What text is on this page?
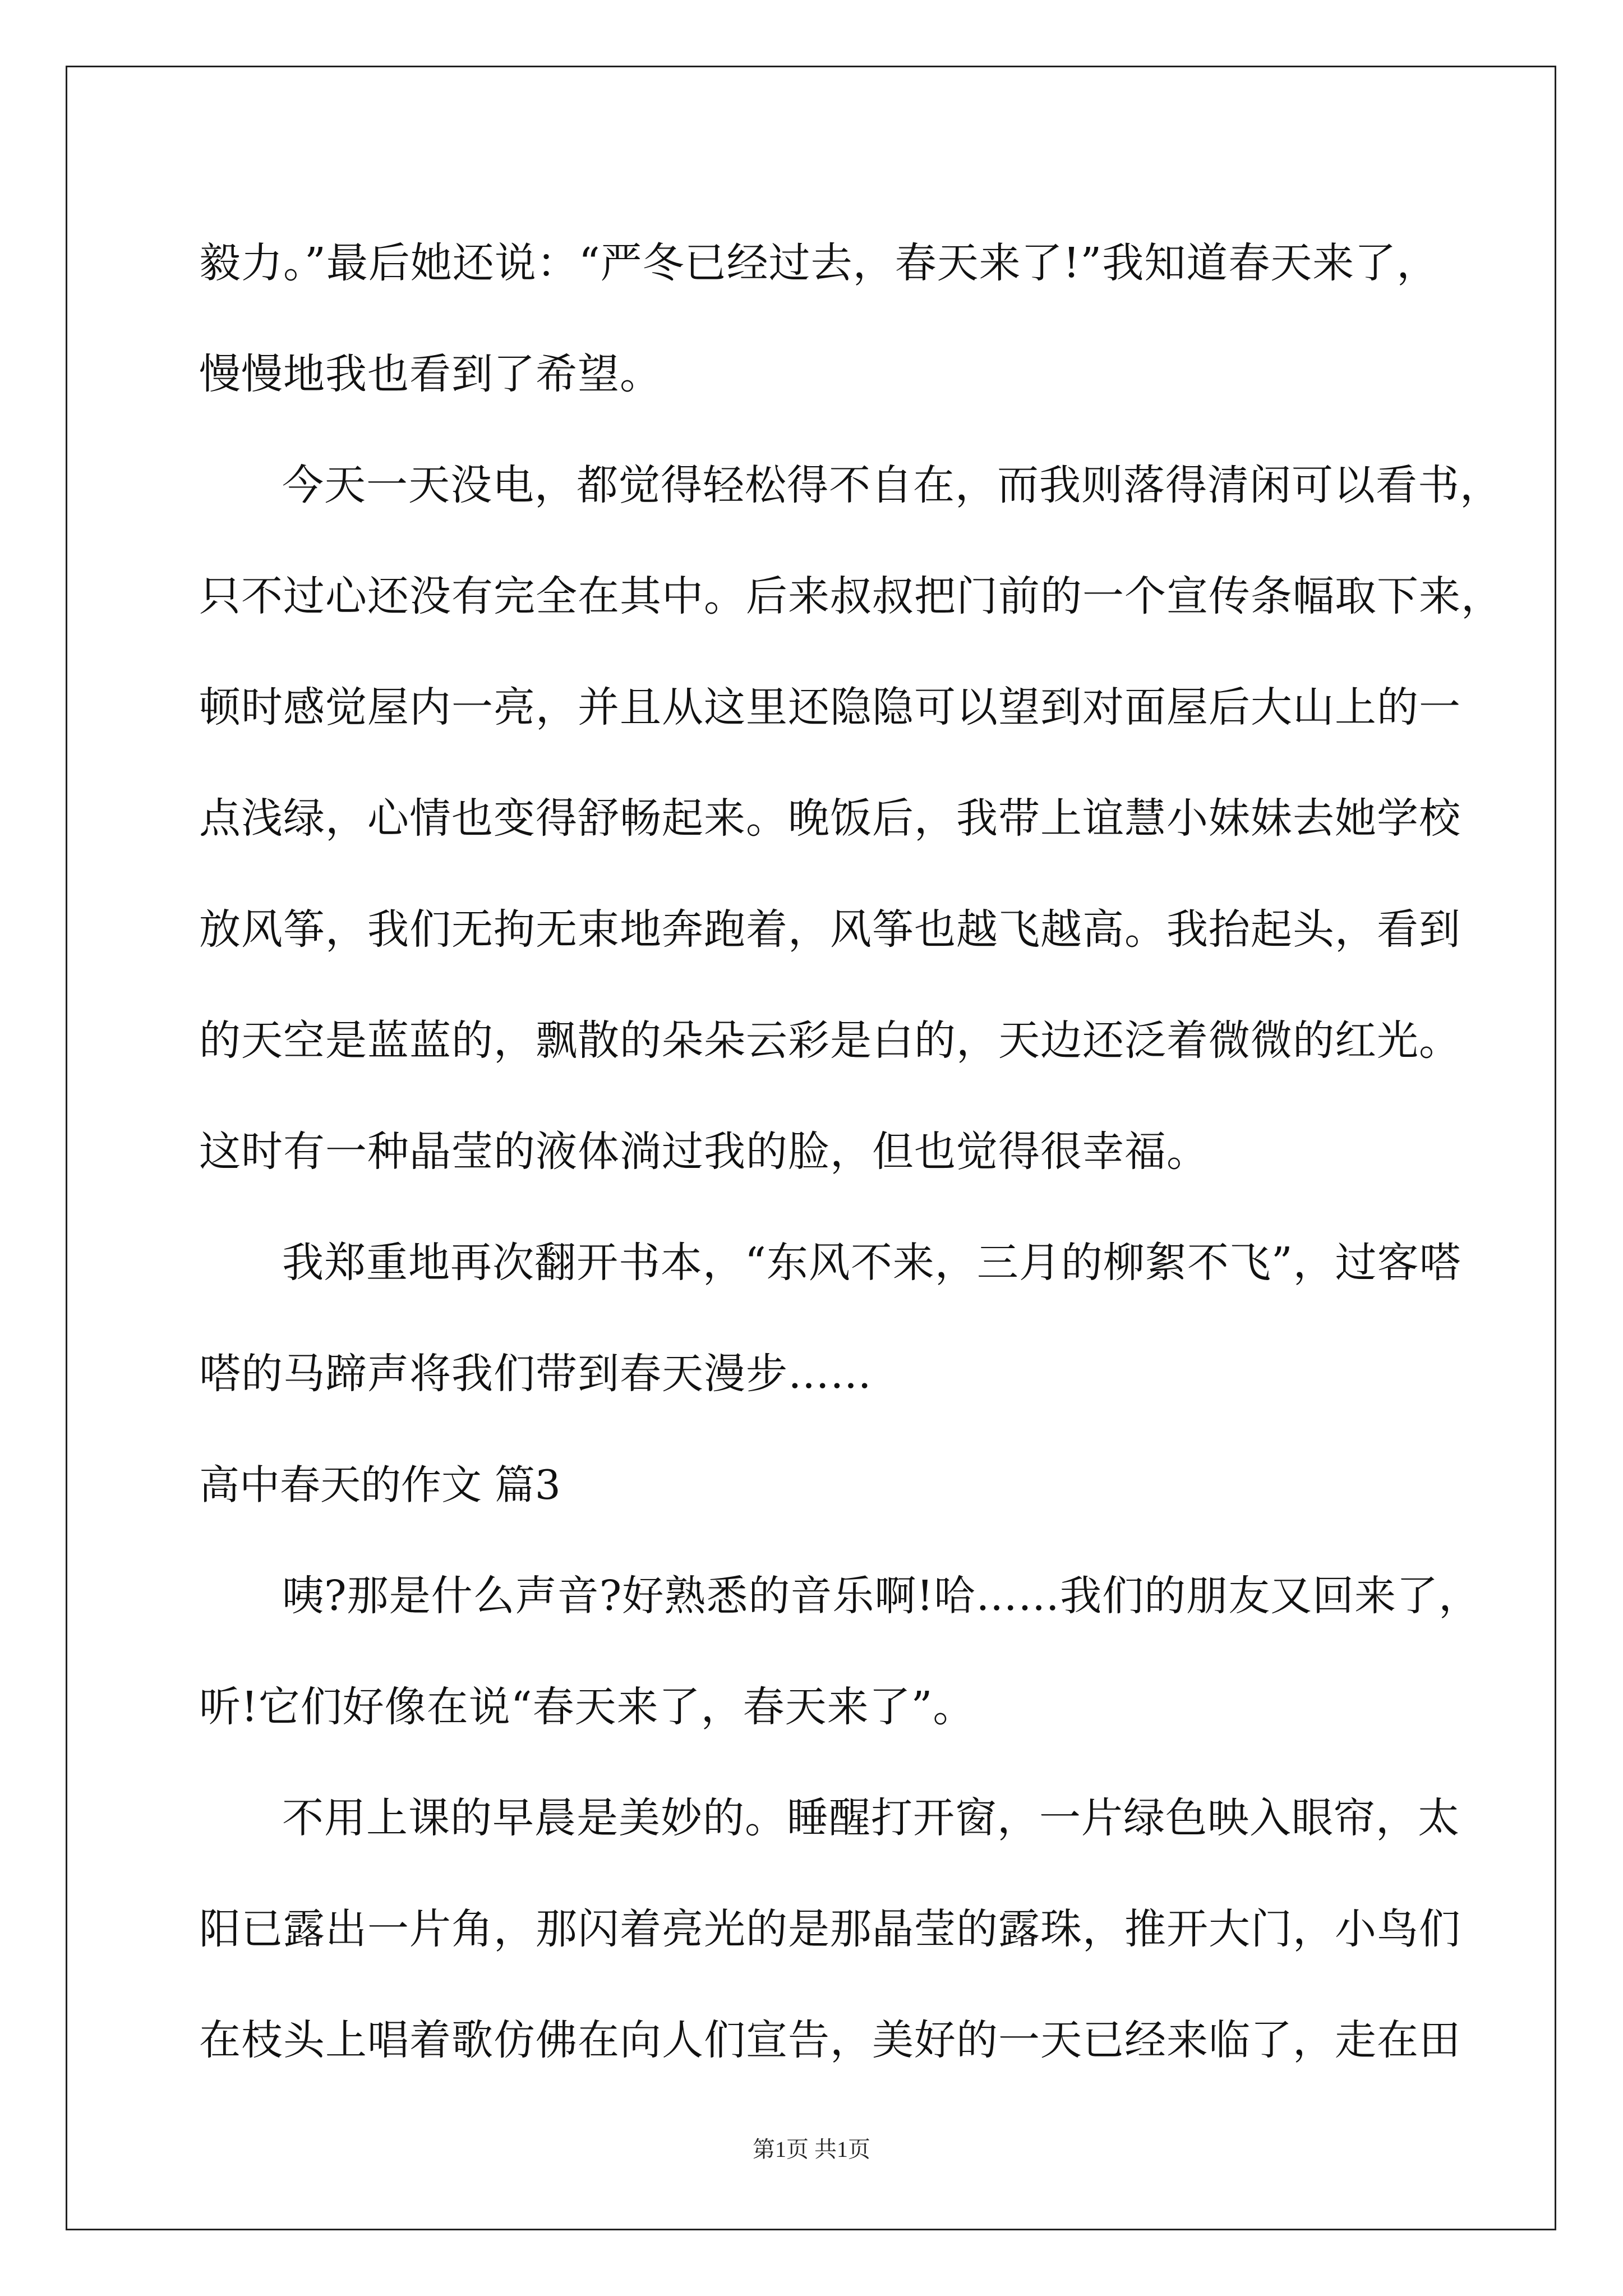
毅力。”最后她还说：“严冬已经过去，春天来了!”我知道春天来了，
慢慢地我也看到了希望。
今天一天没电，都觉得轻松得不自在，而我则落得清闲可以看书，
只不过心还没有完全在其中。后来叔叔把门前的一个宣传条幅取下来，
顿时感觉屋内一亮，并且从这里还隐隐可以望到对面屋后大山上的一
点浅绿，心情也变得舒畅起来。晚饭后，我带上谊慧小妹妹去她学校
放风筝，我们无拘无束地奔跑着，风筝也越飞越高。我抬起头，看到
的天空是蓝蓝的，飘散的朵朵云彩是白的，天边还泛着微微的红光。
这时有一种晶莹的液体淌过我的脸，但也觉得很幸福。
我郑重地再次翻开书本，“东风不来，三月的柳絮不飞”，过客嗒
嗒的马蹄声将我们带到春天漫步……
高中春天的作文 篇3
咦?那是什么声音?好熟悉的音乐啊!哈……我们的朋友又回来了，
听!它们好像在说“春天来了，春天来了”。
不用上课的早晨是美妙的。睡醒打开窗，一片绿色映入眼帘，太
阳已露出一片角，那闪着亮光的是那晶莹的露珠，推开大门，小鸟们
在枝头上唱着歌仿佛在向人们宣告，美好的一天已经来临了，走在田
第1页 共1页
